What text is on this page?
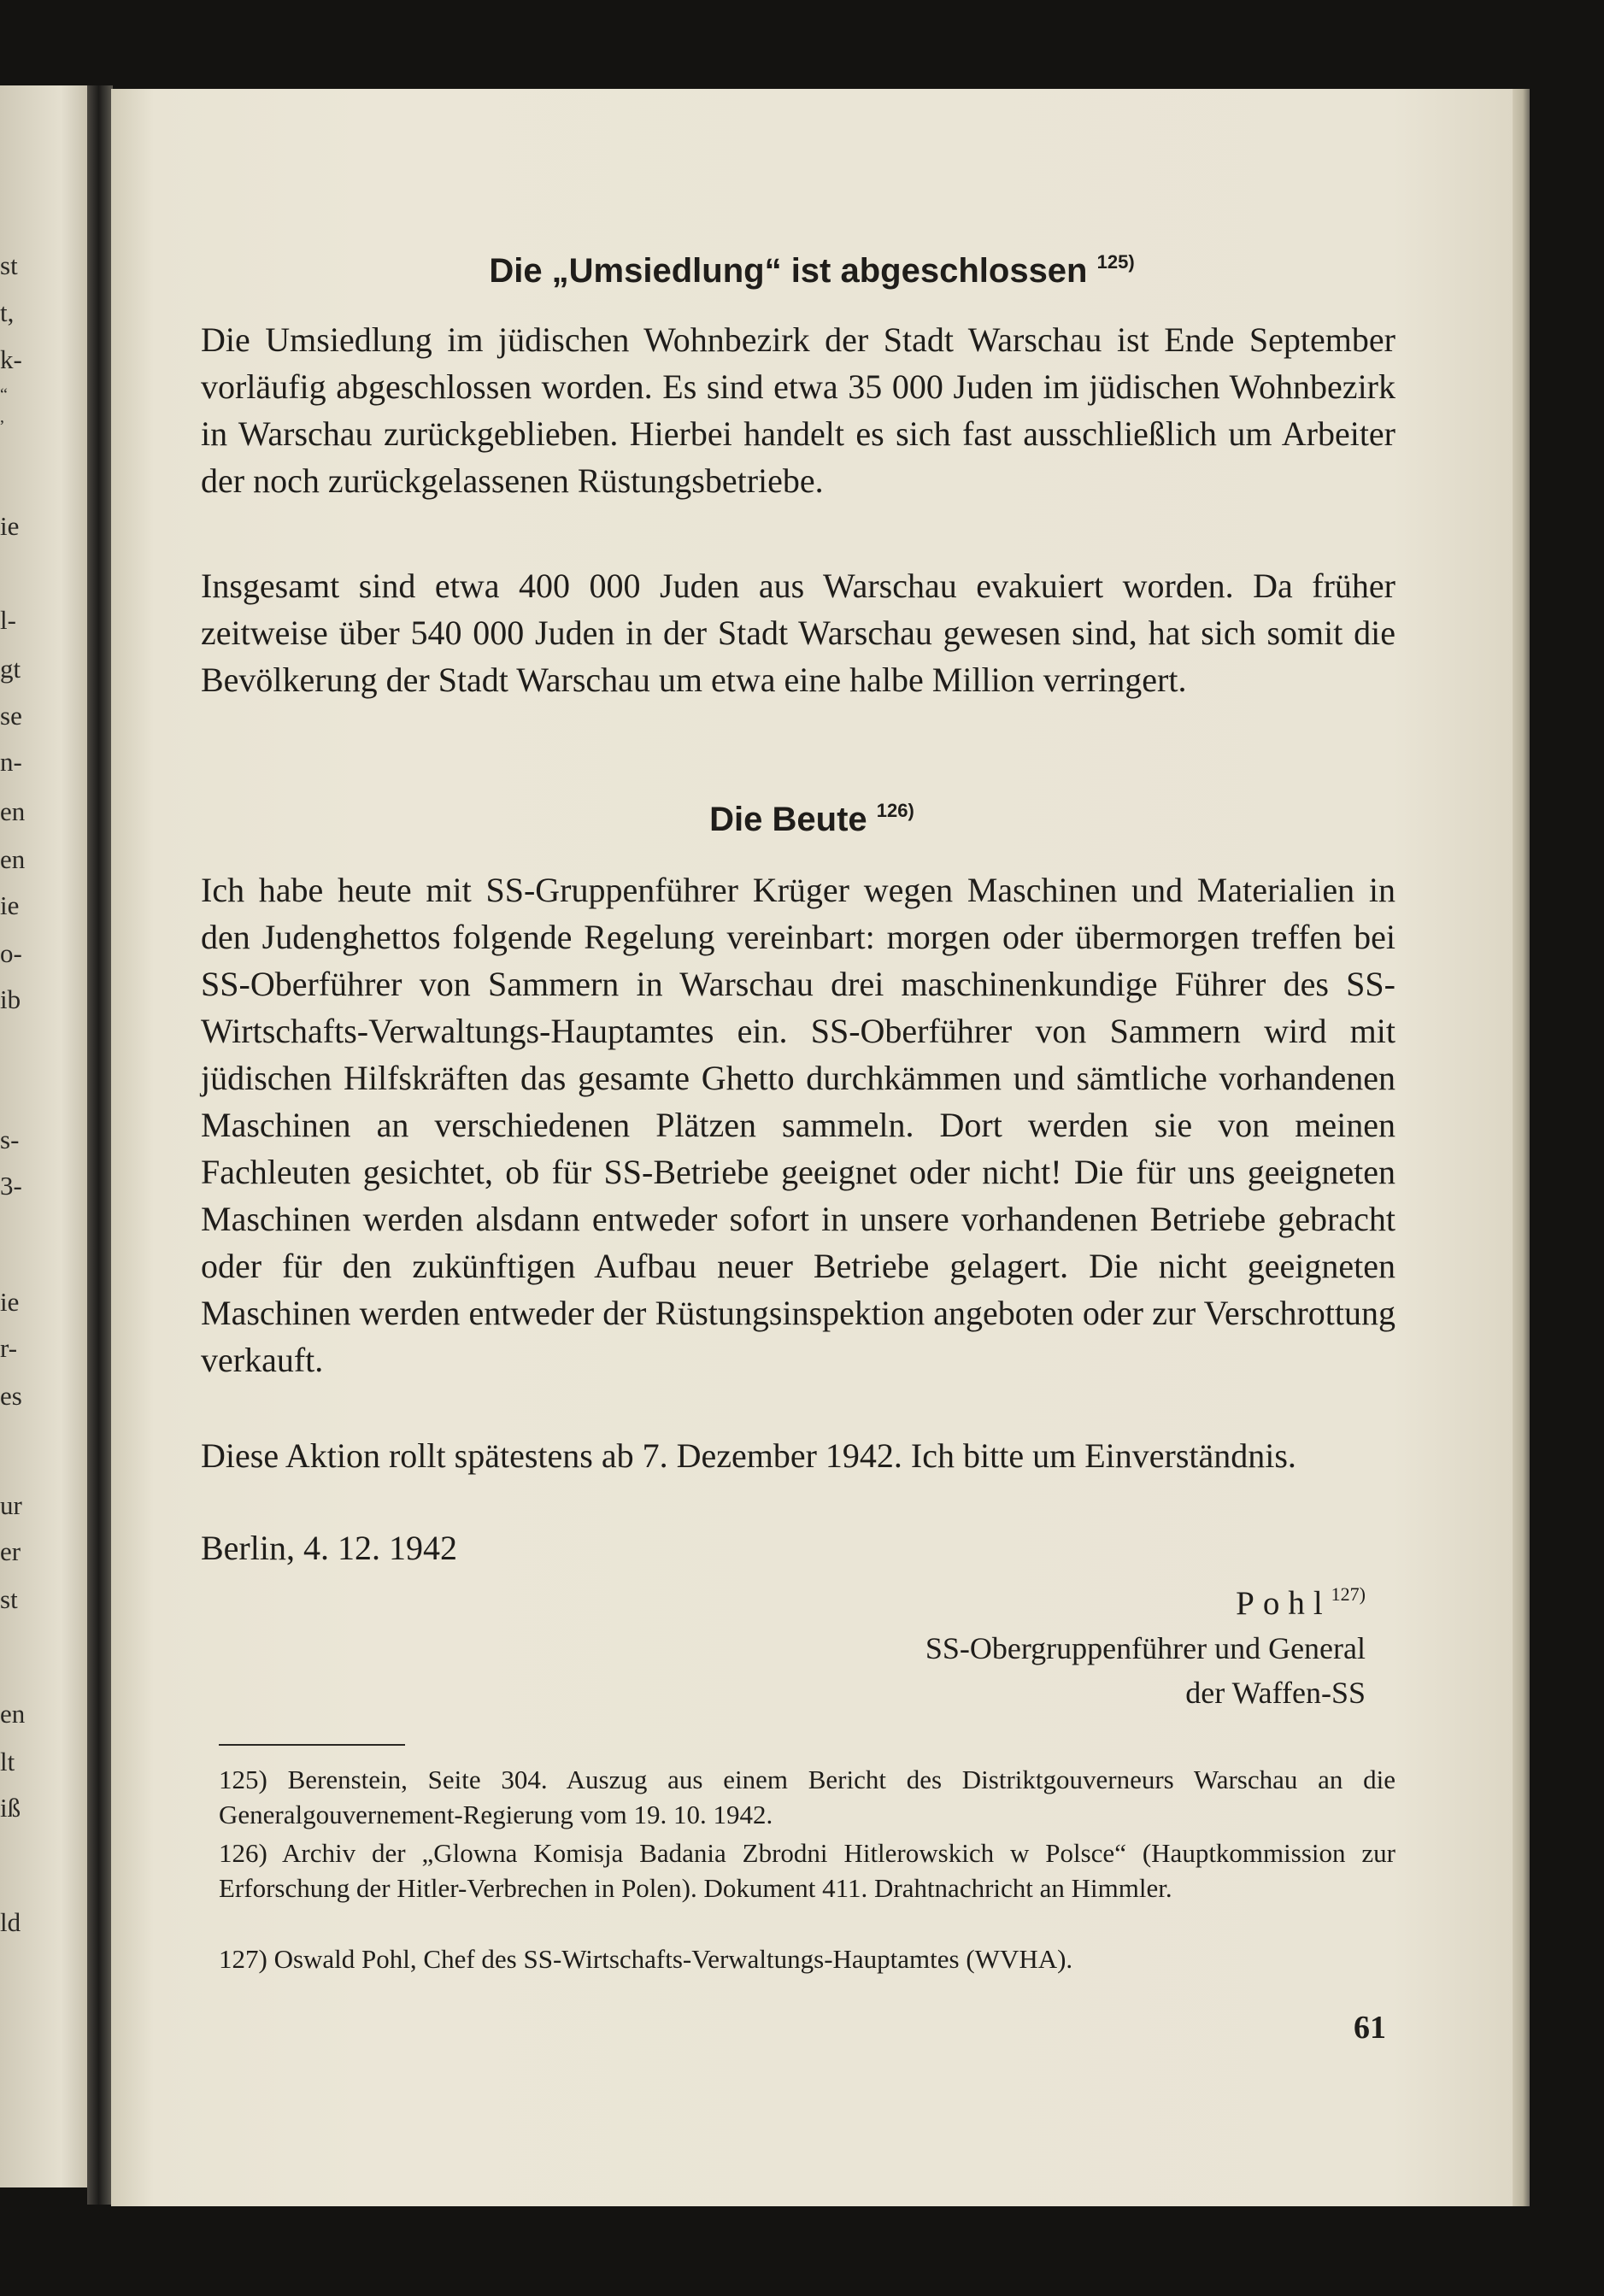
st
t,
k-
“
,
ie
l-
gt
se
n-
en
en
ie
o-
ib
s-
3-
ie
r-
es
ur
er
st
en
lt
iß
ld
Die „Umsiedlung“ ist abgeschlossen $^{125)}$

Die Umsiedlung im jüdischen Wohnbezirk der Stadt Warschau ist Ende September vorläufig abgeschlossen worden. Es sind etwa 35 000 Juden im jüdischen Wohnbezirk in Warschau zurückgeblieben. Hierbei handelt es sich fast ausschließlich um Arbeiter der noch zurückgelassenen Rüstungsbetriebe.

Insgesamt sind etwa 400 000 Juden aus Warschau evakuiert worden. Da früher zeitweise über 540 000 Juden in der Stadt Warschau gewesen sind, hat sich somit die Bevölkerung der Stadt Warschau um etwa eine halbe Million verringert.

Die Beute $^{126)}$

Ich habe heute mit SS-Gruppenführer Krüger wegen Maschinen und Materialien in den Judenghettos folgende Regelung vereinbart: morgen oder übermorgen treffen bei SS-Oberführer von Sammern in Warschau drei maschinenkundige Führer des SS-Wirtschafts-Verwaltungs-Hauptamtes ein. SS-Oberführer von Sammern wird mit jüdischen Hilfskräften das gesamte Ghetto durchkämmen und sämtliche vorhandenen Maschinen an verschiedenen Plätzen sammeln. Dort werden sie von meinen Fachleuten gesichtet, ob für SS-Betriebe geeignet oder nicht! Die für uns geeigneten Maschinen werden alsdann entweder sofort in unsere vorhandenen Betriebe gebracht oder für den zukünftigen Aufbau neuer Betriebe gelagert. Die nicht geeigneten Maschinen werden entweder der Rüstungsinspektion angeboten oder zur Verschrottung verkauft.

Diese Aktion rollt spätestens ab 7. Dezember 1942. Ich bitte um Einverständnis.

Berlin, 4. 12. 1942

Pohl$^{127)}$
SS-Obergruppenführer und General
der Waffen-SS

125) Berenstein, Seite 304. Auszug aus einem Bericht des Distriktgouverneurs Warschau an die Generalgouvernement-Regierung vom 19. 10. 1942.

126) Archiv der „Glowna Komisja Badania Zbrodni Hitlerowskich w Polsce“ (Hauptkommission zur Erforschung der Hitler-Verbrechen in Polen). Dokument 411. Drahtnachricht an Himmler.

127) Oswald Pohl, Chef des SS-Wirtschafts-Verwaltungs-Hauptamtes (WVHA).

61
